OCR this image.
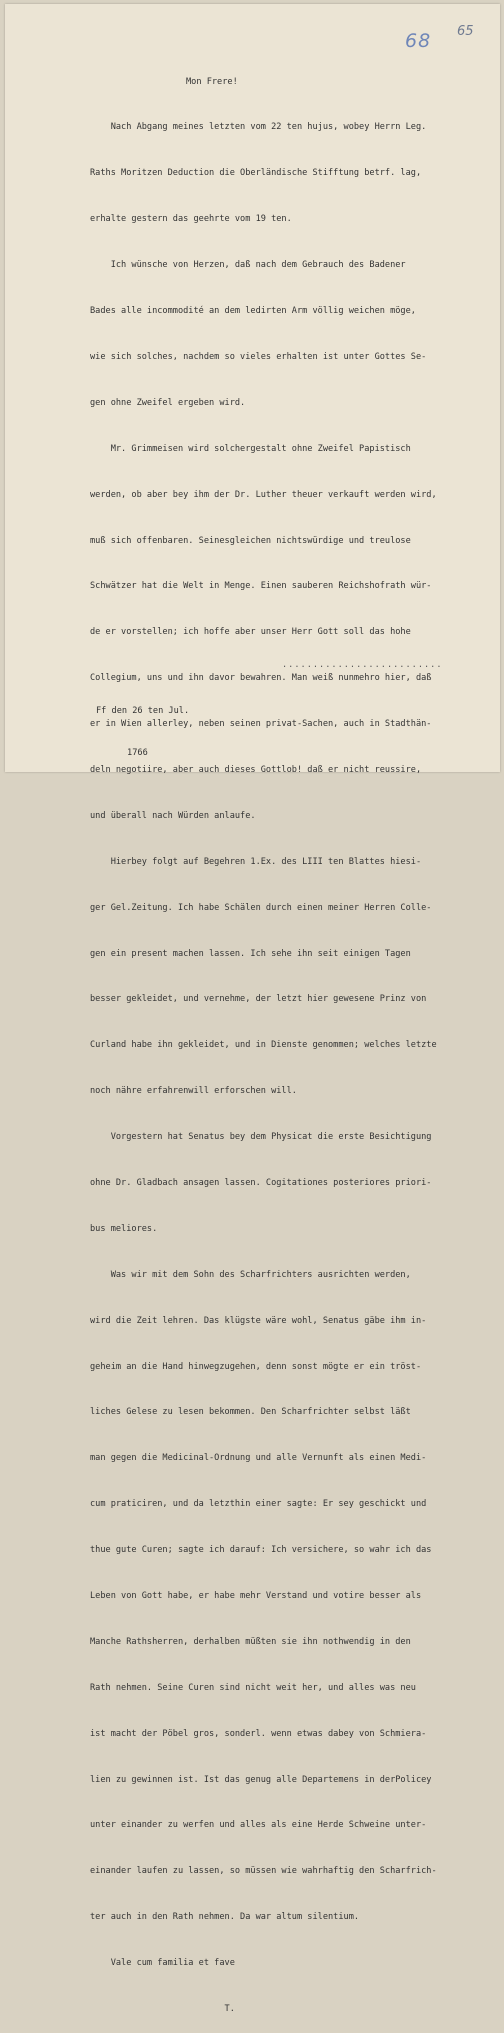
68 65

Mon Frere!

Nach Abgang meines letzten vom 22 ten hujus, wobey Herrn Leg.

Raths Moritzen Deduction die Oberländische Stifftung betrf. lag,

erhalte gestern das geehrte vom 19 ten.

Ich wünsche von Herzen, daß nach dem Gebrauch des Badener

Bades alle incommodité an dem ledirten Arm völlig weichen möge,

wie sich solches, nachdem so vieles erhalten ist unter Gottes Se-

gen ohne Zweifel ergeben wird.

Mr. Grimmeisen wird solchergestalt ohne Zweifel Papistisch

werden, ob aber bey ihm der Dr. Luther theuer verkauft werden wird,

muß sich offenbaren. Seinesgleichen nichtswürdige und treulose

Schwätzer hat die Welt in Menge. Einen sauberen Reichshofrath wür-

de er vorstellen; ich hoffe aber unser Herr Gott soll das hohe

Collegium, uns und ihn davor bewahren. Man weiß nunmehro hier, daß

er in Wien allerley, neben seinen privat-Sachen, auch in Stadthän-

deln negotiire, aber auch dieses Gottlob! daß er nicht reussire,

und überall nach Würden anlaufe.

Hierbey folgt auf Begehren 1.Ex. des LIII ten Blattes hiesi-

ger Gel.Zeitung. Ich habe Schälen durch einen meiner Herren Colle-

gen ein present machen lassen. Ich sehe ihn seit einigen Tagen

besser gekleidet, und vernehme, der letzt hier gewesene Prinz von

Curland habe ihn gekleidet, und in Dienste genommen; welches letzte

noch nähre erfahrenwill erforschen will.

Vorgestern hat Senatus bey dem Physicat die erste Besichtigung

ohne Dr. Gladbach ansagen lassen. Cogitationes posteriores priori-

bus meliores.

Was wir mit dem Sohn des Scharfrichters ausrichten werden,

wird die Zeit lehren. Das klügste wäre wohl, Senatus gäbe ihm in-

geheim an die Hand hinwegzugehen, denn sonst mögte er ein tröst-

liches Gelese zu lesen bekommen. Den Scharfrichter selbst läßt

man gegen die Medicinal-Ordnung und alle Vernunft als einen Medi-

cum praticiren, und da letzthin einer sagte: Er sey geschickt und

thue gute Curen; sagte ich darauf: Ich versichere, so wahr ich das

Leben von Gott habe, er habe mehr Verstand und votire besser als

Manche Rathsherren, derhalben müßten sie ihn nothwendig in den

Rath nehmen. Seine Curen sind nicht weit her, und alles was neu

ist macht der Pöbel gros, sonderl. wenn etwas dabey von Schmiera-

lien zu gewinnen ist. Ist das genug alle Departemens in derPolicey

unter einander zu werfen und alles als eine Herde Schweine unter-

einander laufen zu lassen, so müssen wie wahrhaftig den Scharfrich-

ter auch in den Rath nehmen. Da war altum silentium.

Vale cum familia et fave

T.

..........................

Ff den 26 ten Jul.

1766
